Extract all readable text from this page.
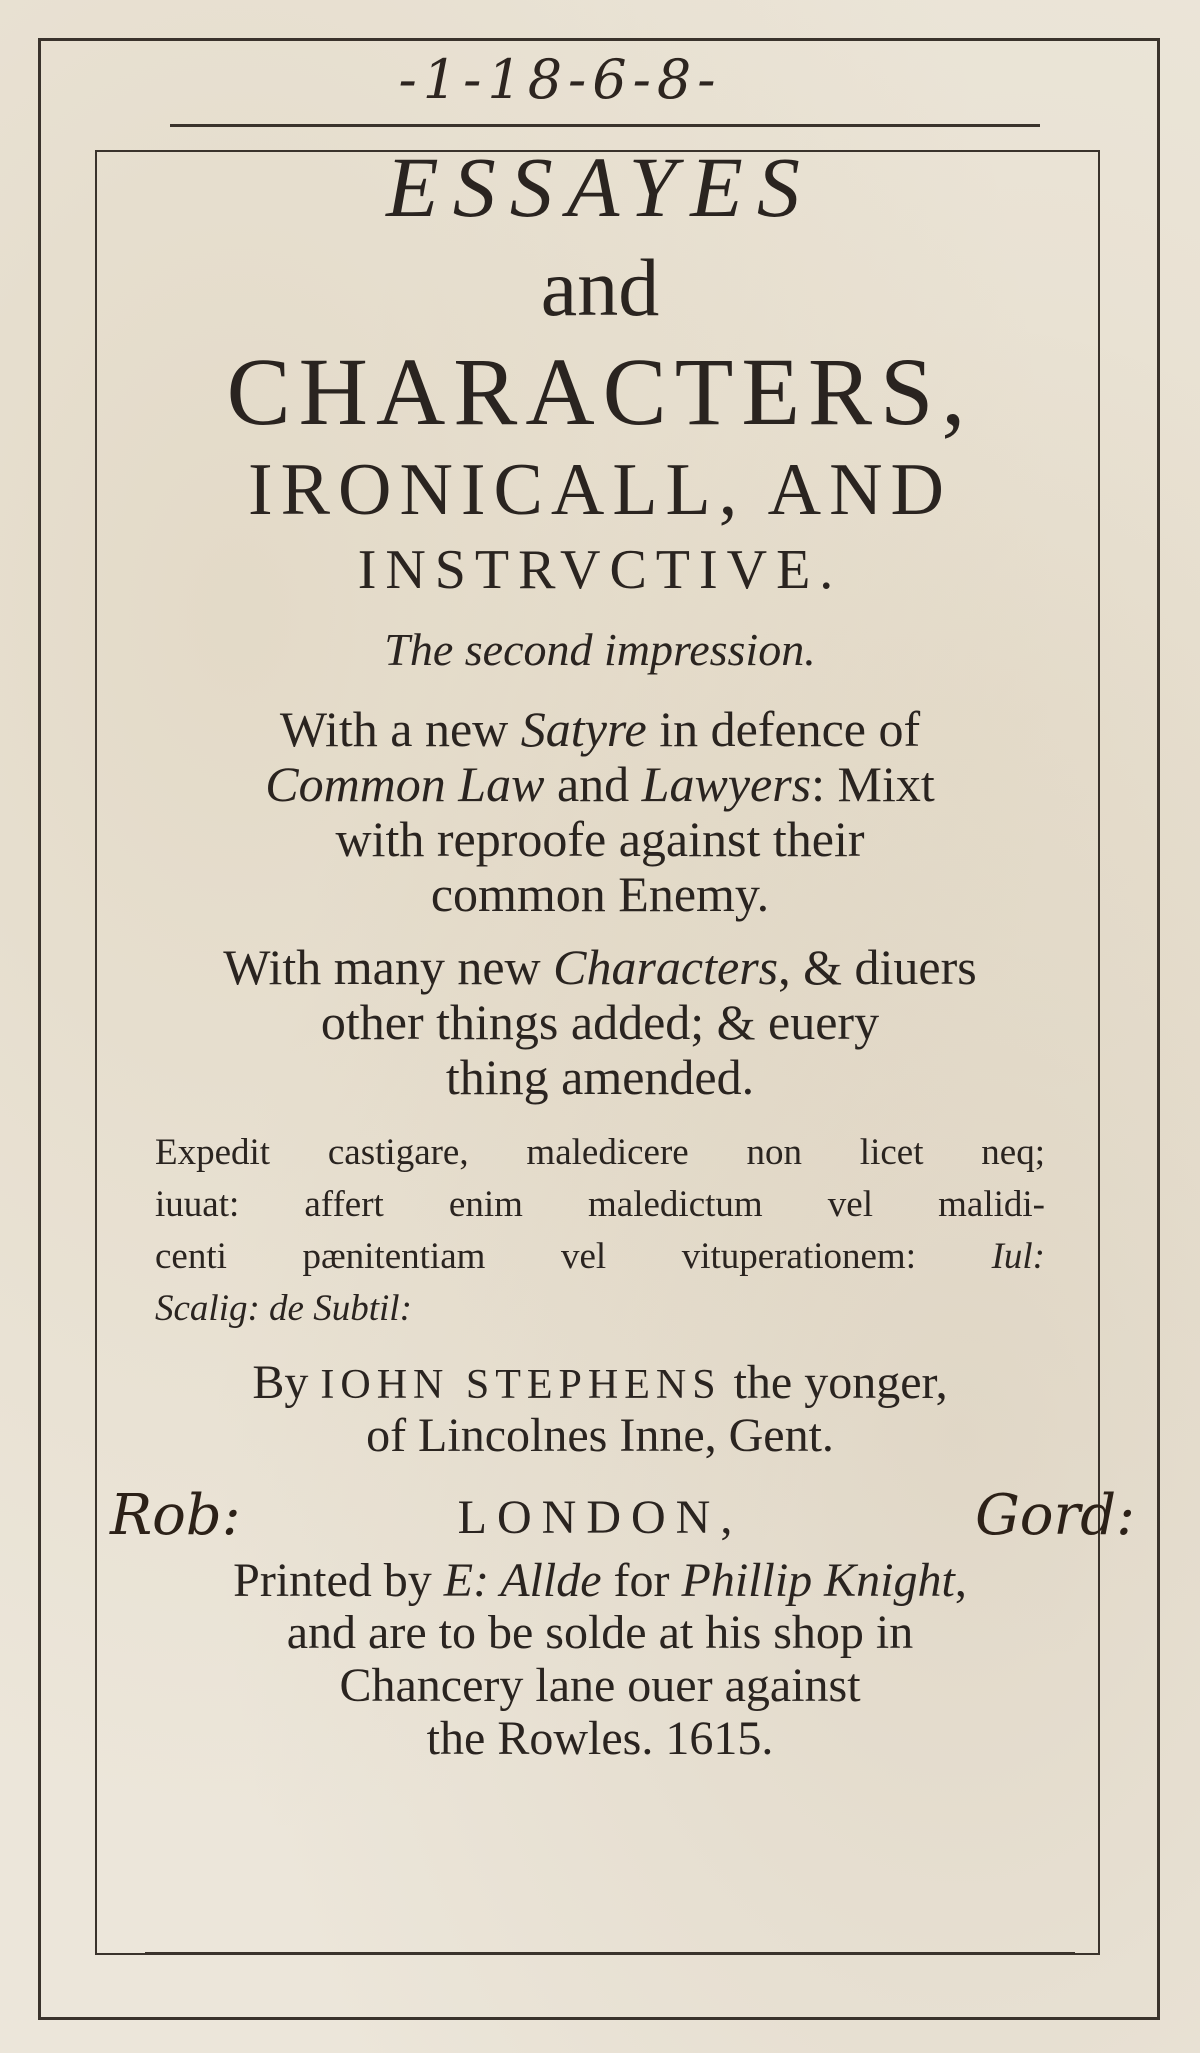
-1-18-6-8-
ESSAYES
and
CHARACTERS,
IRONICALL, AND
INSTRVCTIVE.
The second impression.
With a new Satyre in defence of
Common Law and Lawyers: Mixt
with reproofe against their
common Enemy.
With many new Characters, & diuers
other things added; & euery
thing amended.
Expedit castigare, maledicere non licet neq;
iuuat: affert enim maledictum vel malidi-
centi pænitentiam vel vituperationem: Iul:
Scalig: de Subtil:
By IOHN STEPHENS the yonger,
of Lincolnes Inne, Gent.
Rob:	LONDON,	Gord:
Printed by E: Allde for Phillip Knight,
and are to be solde at his shop in
Chancery lane ouer against
the Rowles. 1615.
